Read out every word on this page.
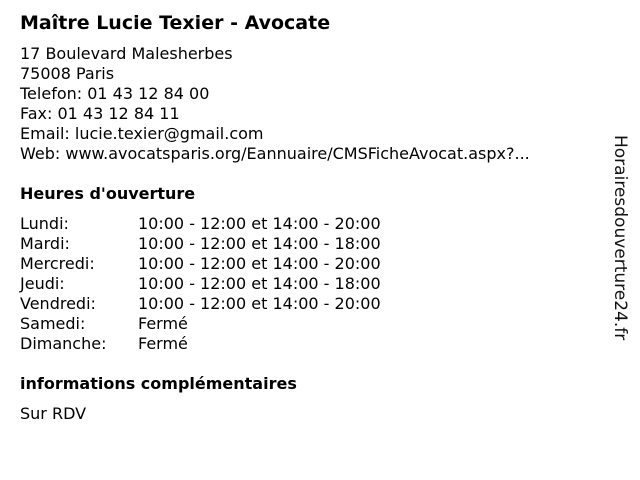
Maître Lucie Texier - Avocate
17 Boulevard Malesherbes
75008 Paris
Telefon: 01 43 12 84 00
Fax: 01 43 12 84 11
Email: lucie.texier@gmail.com
Web: www.avocatsparis.org/Eannuaire/CMSFicheAvocat.aspx?...
Heures d'ouverture
Lundi:	10:00 - 12:00 et 14:00 - 20:00
Mardi:	10:00 - 12:00 et 14:00 - 18:00
Mercredi:	10:00 - 12:00 et 14:00 - 20:00
Jeudi:	10:00 - 12:00 et 14:00 - 18:00
Vendredi:	10:00 - 12:00 et 14:00 - 20:00
Samedi:	Fermé
Dimanche: Fermé
informations complémentaires
Sur RDV
Horairesdouverture24.fr
